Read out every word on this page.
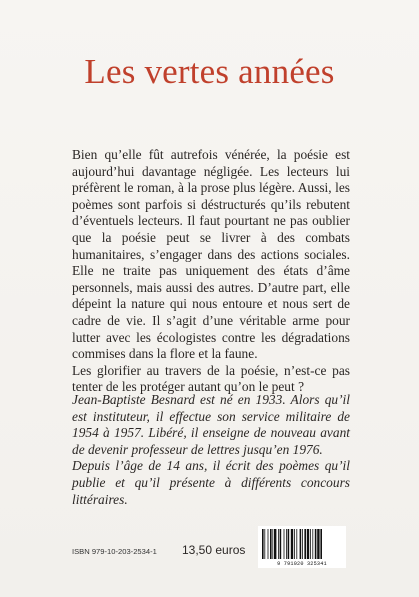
Les vertes années

Bien qu’elle fût autrefois vénérée, la poésie est aujourd’hui davantage négligée. Les lecteurs lui préfèrent le roman, à la prose plus légère. Aussi, les poèmes sont parfois si déstructurés qu’ils rebutent d’éventuels lecteurs. Il faut pourtant ne pas oublier que la poésie peut se livrer à des combats humanitaires, s’engager dans des actions sociales. Elle ne traite pas uniquement des états d’âme personnels, mais aussi des autres. D’autre part, elle dépeint la nature qui nous entoure et nous sert de cadre de vie. Il s’agit d’une véritable arme pour lutter avec les écologistes contre les dégradations commises dans la flore et la faune.

Les glorifier au travers de la poésie, n’est-ce pas tenter de les protéger autant qu’on le peut ?

Jean-Baptiste Besnard est né en 1933. Alors qu’il est instituteur, il effectue son service militaire de 1954 à 1957. Libéré, il enseigne de nouveau avant de devenir professeur de lettres jusqu’en 1976.

Depuis l’âge de 14 ans, il écrit des poèmes qu’il publie et qu’il présente à différents concours littéraires.

ISBN 979-10-203-2534-1 13,50 euros
9 791020 325341
